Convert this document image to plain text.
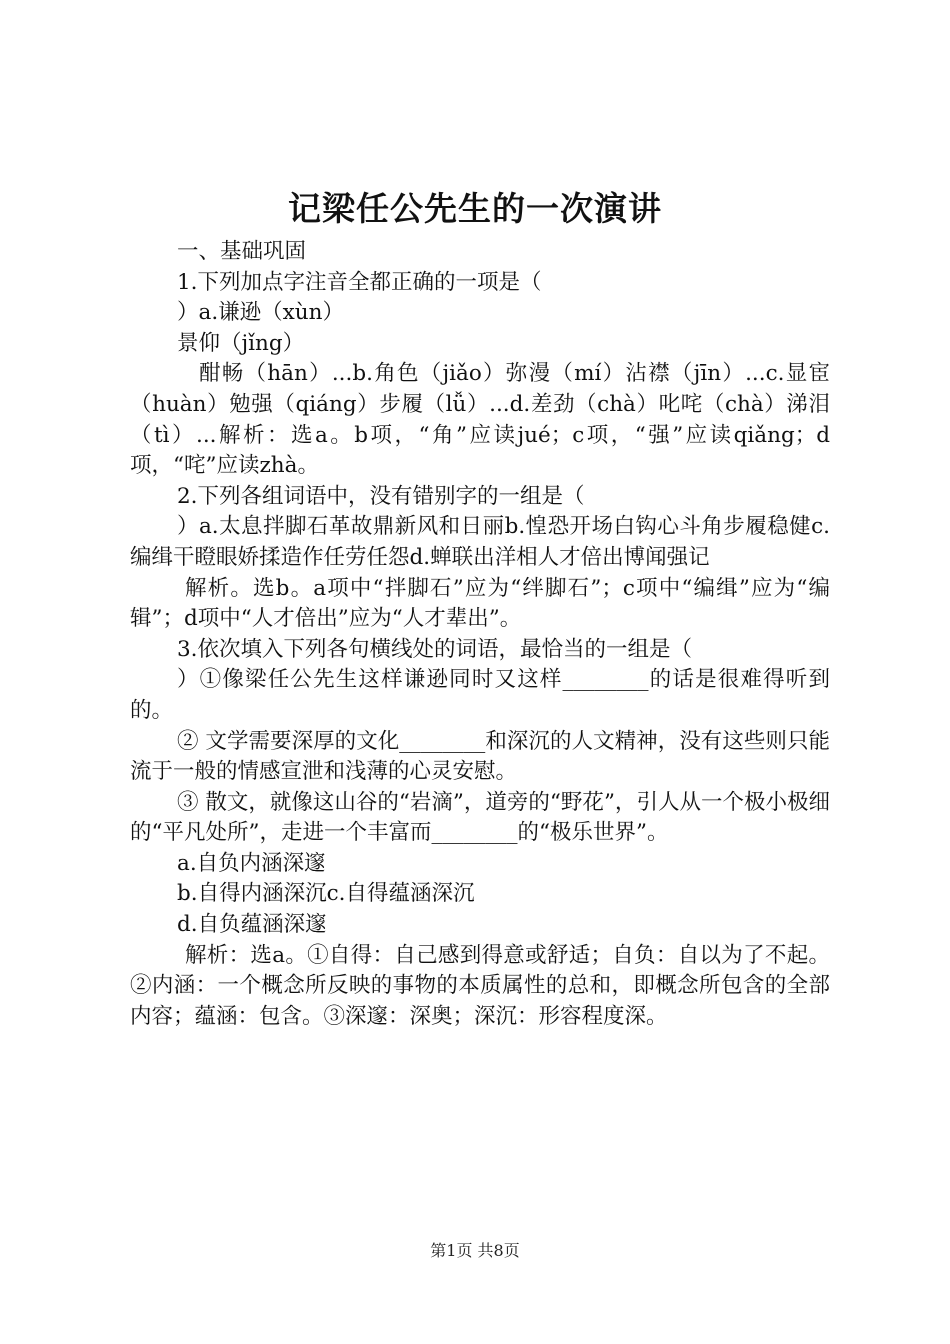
记梁任公先生的一次演讲

一、基础巩固

1.下列加点字注音全都正确的一项是（

）a.谦逊（xùn）

景仰（jǐng）

酣畅（hān）...b.角色（jiǎo）弥漫（mí）沾襟（jīn）...c.显宦（huàn）勉强（qiáng）步履（lǚ）...d.差劲（chà）叱咤（chà）涕泪（tì）...解析：选a。b项，“角”应读jué；c项，“强”应读qiǎng；d项，“咤”应读zhà。

2.下列各组词语中，没有错别字的一组是（

）a.太息拌脚石革故鼎新风和日丽b.惶恐开场白钩心斗角步履稳健c.编缉干瞪眼娇揉造作任劳任怨d.蝉联出洋相人才倍出博闻强记

解析。选b。a项中“拌脚石”应为“绊脚石”；c项中“编缉”应为“编辑”；d项中“人才倍出”应为“人才辈出”。

3.依次填入下列各句横线处的词语，最恰当的一组是（

）①像梁任公先生这样谦逊同时又这样________的话是很难得听到的。

② 文学需要深厚的文化________和深沉的人文精神，没有这些则只能流于一般的情感宣泄和浅薄的心灵安慰。

③ 散文，就像这山谷的“岩滴”，道旁的“野花”，引人从一个极小极细的“平凡处所”，走进一个丰富而________的“极乐世界”。

a.自负内涵深邃

b.自得内涵深沉c.自得蕴涵深沉

d.自负蕴涵深邃

解析：选a。①自得：自己感到得意或舒适；自负：自以为了不起。②内涵：一个概念所反映的事物的本质属性的总和，即概念所包含的全部内容；蕴涵：包含。③深邃：深奥；深沉：形容程度深。

第1页 共8页
